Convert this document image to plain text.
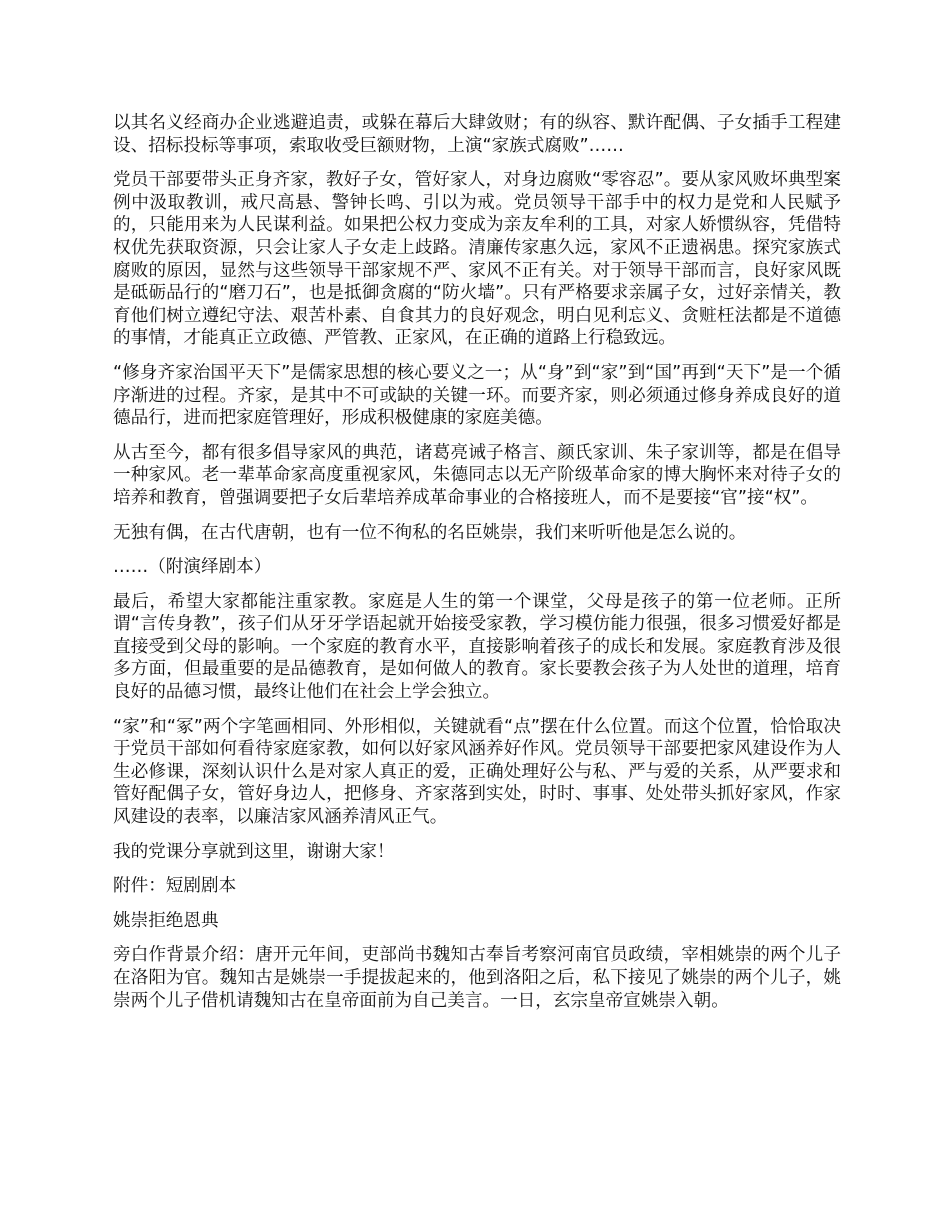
以其名义经商办企业逃避追责，或躲在幕后大肆敛财；有的纵容、默许配偶、子女插手工程建设、招标投标等事项，索取收受巨额财物，上演“家族式腐败”……

党员干部要带头正身齐家，教好子女，管好家人，对身边腐败“零容忍”。要从家风败坏典型案例中汲取教训，戒尺高悬、警钟长鸣、引以为戒。党员领导干部手中的权力是党和人民赋予的，只能用来为人民谋利益。如果把公权力变成为亲友牟利的工具，对家人娇惯纵容，凭借特权优先获取资源，只会让家人子女走上歧路。清廉传家惠久远，家风不正遗祸患。探究家族式腐败的原因，显然与这些领导干部家规不严、家风不正有关。对于领导干部而言，良好家风既是砥砺品行的“磨刀石”，也是抵御贪腐的“防火墙”。只有严格要求亲属子女，过好亲情关，教育他们树立遵纪守法、艰苦朴素、自食其力的良好观念，明白见利忘义、贪赃枉法都是不道德的事情，才能真正立政德、严管教、正家风，在正确的道路上行稳致远。

“修身齐家治国平天下”是儒家思想的核心要义之一；从“身”到“家”到“国”再到“天下”是一个循序渐进的过程。齐家，是其中不可或缺的关键一环。而要齐家，则必须通过修身养成良好的道德品行，进而把家庭管理好，形成积极健康的家庭美德。

从古至今，都有很多倡导家风的典范，诸葛亮诫子格言、颜氏家训、朱子家训等，都是在倡导一种家风。老一辈革命家高度重视家风，朱德同志以无产阶级革命家的博大胸怀来对待子女的培养和教育，曾强调要把子女后辈培养成革命事业的合格接班人，而不是要接“官”接“权”。

无独有偶，在古代唐朝，也有一位不徇私的名臣姚崇，我们来听听他是怎么说的。

……（附演绎剧本）

最后，希望大家都能注重家教。家庭是人生的第一个课堂，父母是孩子的第一位老师。正所谓“言传身教”，孩子们从牙牙学语起就开始接受家教，学习模仿能力很强，很多习惯爱好都是直接受到父母的影响。一个家庭的教育水平，直接影响着孩子的成长和发展。家庭教育涉及很多方面，但最重要的是品德教育，是如何做人的教育。家长要教会孩子为人处世的道理，培育良好的品德习惯，最终让他们在社会上学会独立。

“家”和“冢”两个字笔画相同、外形相似，关键就看“点”摆在什么位置。而这个位置，恰恰取决于党员干部如何看待家庭家教，如何以好家风涵养好作风。党员领导干部要把家风建设作为人生必修课，深刻认识什么是对家人真正的爱，正确处理好公与私、严与爱的关系，从严要求和管好配偶子女，管好身边人，把修身、齐家落到实处，时时、事事、处处带头抓好家风，作家风建设的表率，以廉洁家风涵养清风正气。

我的党课分享就到这里，谢谢大家！

附件：短剧剧本

姚崇拒绝恩典

旁白作背景介绍：唐开元年间，吏部尚书魏知古奉旨考察河南官员政绩，宰相姚崇的两个儿子在洛阳为官。魏知古是姚崇一手提拔起来的，他到洛阳之后，私下接见了姚崇的两个儿子，姚崇两个儿子借机请魏知古在皇帝面前为自己美言。一日，玄宗皇帝宣姚崇入朝。
